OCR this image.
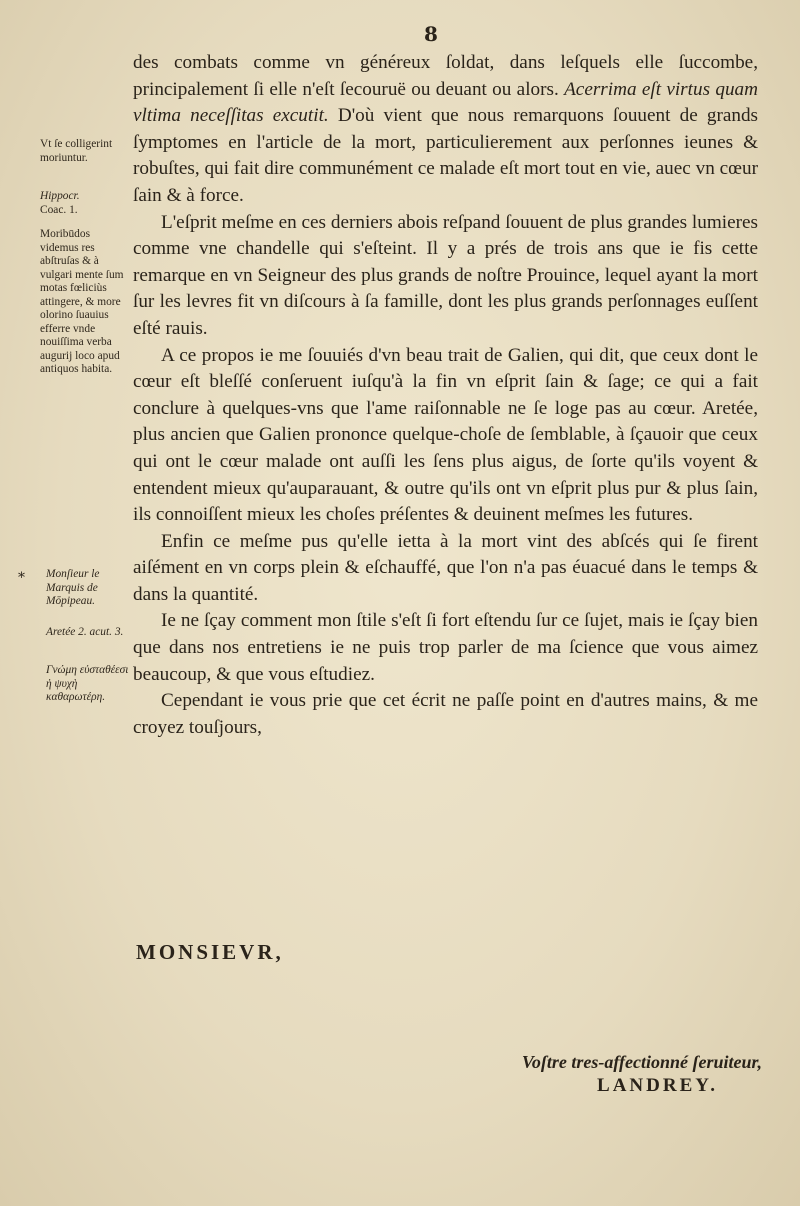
8

des combats comme vn généreux ſoldat, dans leſquels elle ſuccombe, principalement ſi elle n'eſt ſecouruë ou deuant ou alors. Acerrima eſt virtus quam vltima neceſſitas excutit. D'où vient que nous remarquons ſouuent de grands ſymptomes en l'article de la mort, particulierement aux perſonnes ieunes & robuſtes, qui fait dire communément ce malade eſt mort tout en vie, auec vn cœur ſain & à force.

L'eſprit meſme en ces derniers abois reſpand ſouuent de plus grandes lumieres comme vne chandelle qui s'eſteint. Il y a prés de trois ans que ie fis cette remarque en vn Seigneur des plus grands de noſtre Prouince, lequel ayant la mort ſur les levres fit vn diſcours à ſa famille, dont les plus grands perſonnages euſſent eſté rauis.

A ce propos ie me ſouuiés d'vn beau trait de Galien, qui dit, que ceux dont le cœur eſt bleſſé conſeruent iuſqu'à la fin vn eſprit ſain & ſage; ce qui a fait conclure à quelques-vns que l'ame raiſonnable ne ſe loge pas au cœur. Aretée, plus ancien que Galien prononce quelque-choſe de ſemblable, à ſçauoir que ceux qui ont le cœur malade ont auſſi les ſens plus aigus, de ſorte qu'ils voyent & entendent mieux qu'auparauant, & outre qu'ils ont vn eſprit plus pur & plus ſain, ils connoiſſent mieux les choſes préſentes & deuinent meſmes les futures.

Enfin ce meſme pus qu'elle ietta à la mort vint des abſcés qui ſe firent aiſément en vn corps plein & eſchauffé, que l'on n'a pas éuacué dans le temps & dans la quantité.

Ie ne ſçay comment mon ſtile s'eſt ſi fort eſtendu ſur ce ſujet, mais ie ſçay bien que dans nos entretiens ie ne puis trop parler de ma ſcience que vous aimez beaucoup, & que vous eſtudiez.

Cependant ie vous prie que cet écrit ne paſſe point en d'autres mains, & me croyez touſjours,

*
Vt ſe colligerint moriuntur.
Hippocr.
Coac. 1.
Moribūdos videmus res abſtruſas & à vulgari mente ſum motas fœliciùs attingere, & more olorino ſuauius efferre vnde nouiſſima verba augurij loco apud antiquos habita.
Monſieur le Marquis de Mōpipeau.
Aretée 2. acut. 3.
Γνώμη εὐσταθέεσι ἡ ψυχὴ καθαρωτέρη.
MONSIEVR,
Voſtre tres-affectionné ſeruiteur,
LANDREY.
